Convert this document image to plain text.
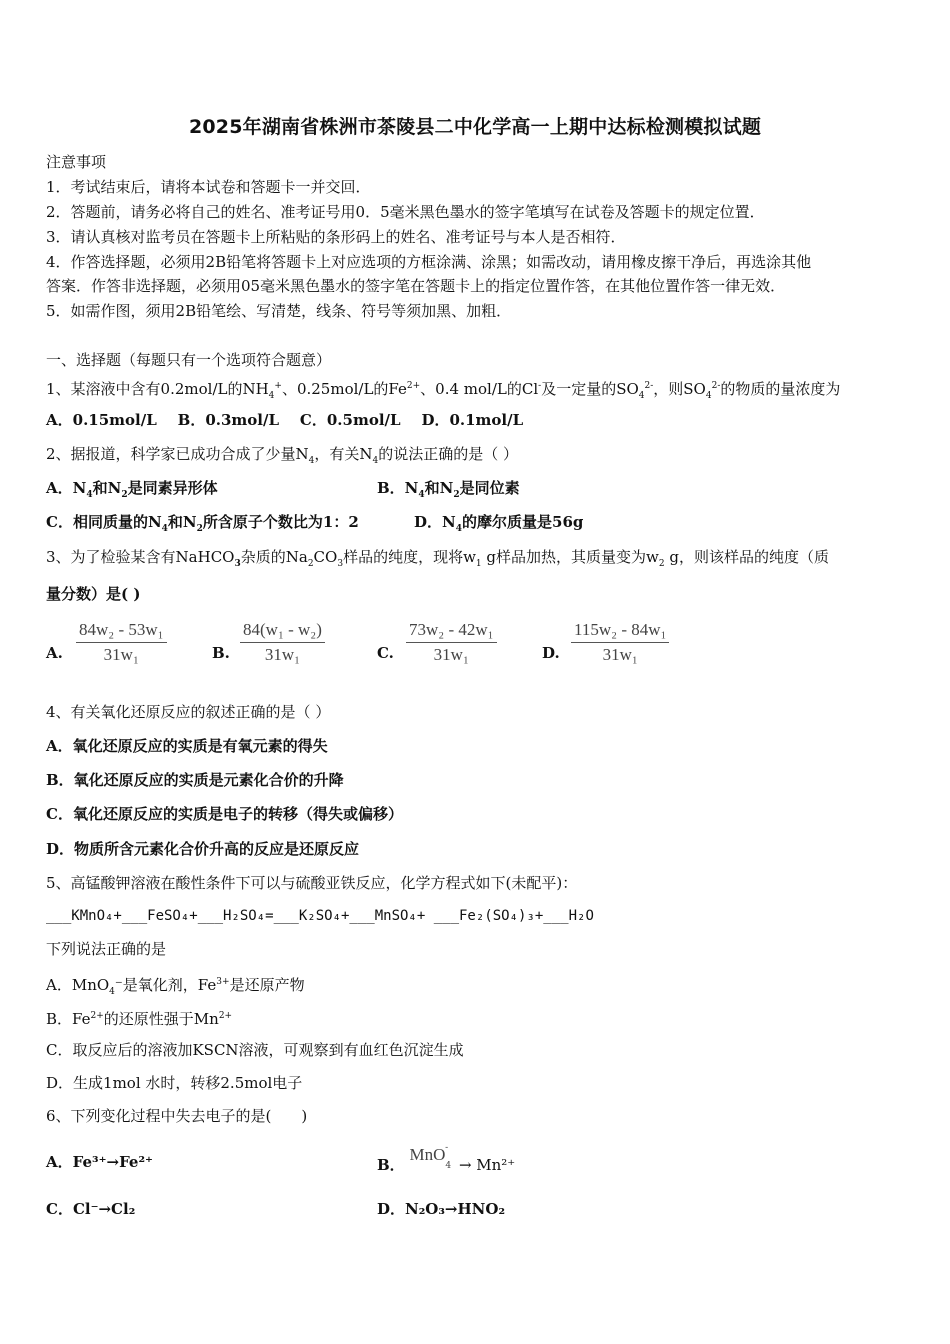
2025年湖南省株洲市茶陵县二中化学高一上期中达标检测模拟试题
注意事项
1．考试结束后，请将本试卷和答题卡一并交回．
2．答题前，请务必将自己的姓名、准考证号用0．5毫米黑色墨水的签字笔填写在试卷及答题卡的规定位置．
3．请认真核对监考员在答题卡上所粘贴的条形码上的姓名、准考证号与本人是否相符．
4．作答选择题，必须用2B铅笔将答题卡上对应选项的方框涂满、涂黑；如需改动，请用橡皮擦干净后，再选涂其他
答案．作答非选择题，必须用05毫米黑色墨水的签字笔在答题卡上的指定位置作答，在其他位置作答一律无效．
5．如需作图，须用2B铅笔绘、写清楚，线条、符号等须加黑、加粗．
一、选择题（每题只有一个选项符合题意）
1、某溶液中含有0.2mol/L的$NH_4^+$、0.25mol/L的$Fe^{2+}$、0.4 mol/L的Cl-及一定量的$SO_4^{2-}$，则$SO_4^{2-}$的物质的量浓度为
A．0.15mol/L    B．0.3mol/L    C．0.5mol/L    D．0.1mol/L
2、据报道，科学家已成功合成了少量$N_4$，有关$N_4$的说法正确的是（ ）
A．$N_4$和$N_2$是同素异形体	B．$N_4$和$N_2$是同位素
C．相同质量的$N_4$和$N_2$所含原子个数比为1：2	D．$N_4$的摩尔质量是56g
3、为了检验某含有NaHCO$_3$杂质的$Na_2CO_3$样品的纯度，现将$w_1$ g样品加热，其质量变为$w_2$ g，则该样品的纯度（质
量分数）是( )
A. $\frac{\text{84w₂ - 53w₁}}{\text{31w₁}}$	B. $\frac{\text{84(w₁ - w₂)}}{\text{31w₁}}$	C. $\frac{\text{73w₂ - 42w₁}}{\text{31w₁}}$	D. $\frac{\text{115w₂ - 84w₁}}{\text{31w₁}}$
4、有关氧化还原反应的叙述正确的是（ ）
A．氧化还原反应的实质是有氧元素的得失
B．氧化还原反应的实质是元素化合价的升降
C．氧化还原反应的实质是电子的转移（得失或偏移）
D．物质所含元素化合价升高的反应是还原反应
5、高锰酸钾溶液在酸性条件下可以与硫酸亚铁反应，化学方程式如下(未配平)：
___KMnO₄+___FeSO₄+___H₂SO₄=___K₂SO₄+___MnSO₄+ ___Fe₂(SO₄)₃+___H₂O
下列说法正确的是
A．MnO$_4$⁻是氧化剂，$Fe^{3+}$是还原产物
B．$Fe^{2+}$的还原性强于$Mn^{2+}$
C．取反应后的溶液加KSCN溶液，可观察到有血红色沉淀生成
D．生成1mol 水时，转移2.5mol电子
6、下列变化过程中失去电子的是(　　)
A．Fe³⁺→Fe²⁺	B． MnO$_4$- → Mn²⁺
C．Cl⁻→Cl₂	D．N₂O₃→HNO₂
